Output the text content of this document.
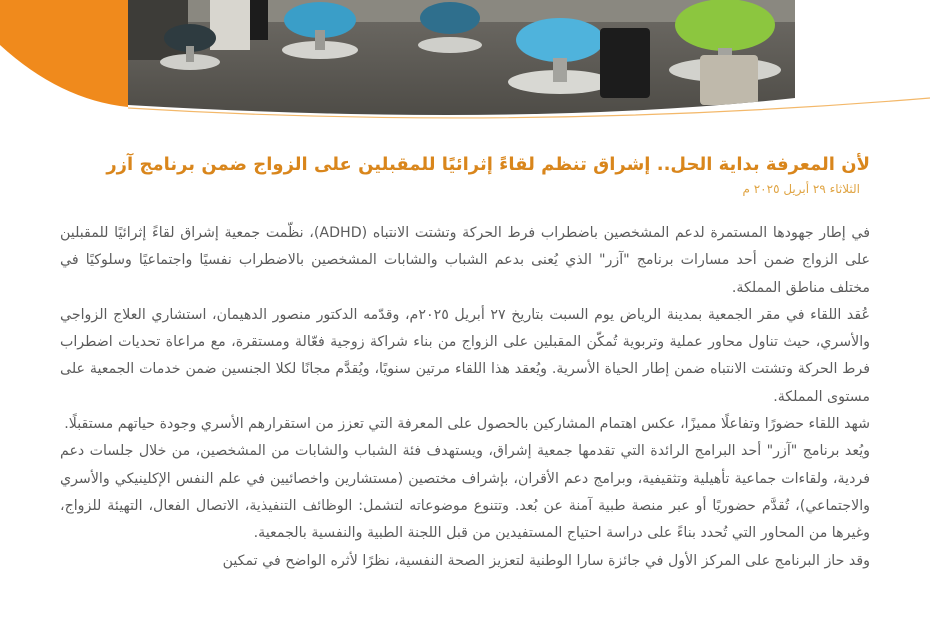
لأن المعرفة بداية الحل.. إشراق تنظم لقاءً إثرائيًا للمقبلين على الزواج ضمن برنامج آزر
الثلاثاء ٢٩ أبريل ٢٠٢٥ م

في إطار جهودها المستمرة لدعم المشخصين باضطراب فرط الحركة وتشتت الانتباه (ADHD)، نظّمت جمعية إشراق لقاءً إثرائيًا للمقبلين على الزواج ضمن أحد مسارات برنامج "آزر" الذي يُعنى بدعم الشباب والشابات المشخصين بالاضطراب نفسيًا واجتماعيًا وسلوكيًا في مختلف مناطق المملكة.

عُقد اللقاء في مقر الجمعية بمدينة الرياض يوم السبت بتاريخ ٢٧ أبريل ٢٠٢٥م، وقدّمه الدكتور منصور الدهيمان، استشاري العلاج الزواجي والأسري، حيث تناول محاور عملية وتربوية تُمكّن المقبلين على الزواج من بناء شراكة زوجية فعّالة ومستقرة، مع مراعاة تحديات اضطراب فرط الحركة وتشتت الانتباه ضمن إطار الحياة الأسرية. ويُعقد هذا اللقاء مرتين سنويًا، ويُقدَّم مجانًا لكلا الجنسين ضمن خدمات الجمعية على مستوى المملكة.

شهد اللقاء حضورًا وتفاعلًا مميزًا، عكس اهتمام المشاركين بالحصول على المعرفة التي تعزز من استقرارهم الأسري وجودة حياتهم مستقبلًا.

ويُعد برنامج "آزر" أحد البرامج الرائدة التي تقدمها جمعية إشراق، ويستهدف فئة الشباب والشابات من المشخصين، من خلال جلسات دعم فردية، ولقاءات جماعية تأهيلية وتثقيفية، وبرامج دعم الأقران، بإشراف مختصين (مستشارين واخصائيين في علم النفس الإكلينيكي والأسري والاجتماعي)، تُقدَّم حضوريًا أو عبر منصة طبية آمنة عن بُعد. وتتنوع موضوعاته لتشمل: الوظائف التنفيذية، الاتصال الفعال، التهيئة للزواج، وغيرها من المحاور التي تُحدد بناءً على دراسة احتياج المستفيدين من قبل اللجنة الطبية والنفسية بالجمعية.

وقد حاز البرنامج على المركز الأول في جائزة سارا الوطنية لتعزيز الصحة النفسية، نظرًا لأثره الواضح في تمكين
